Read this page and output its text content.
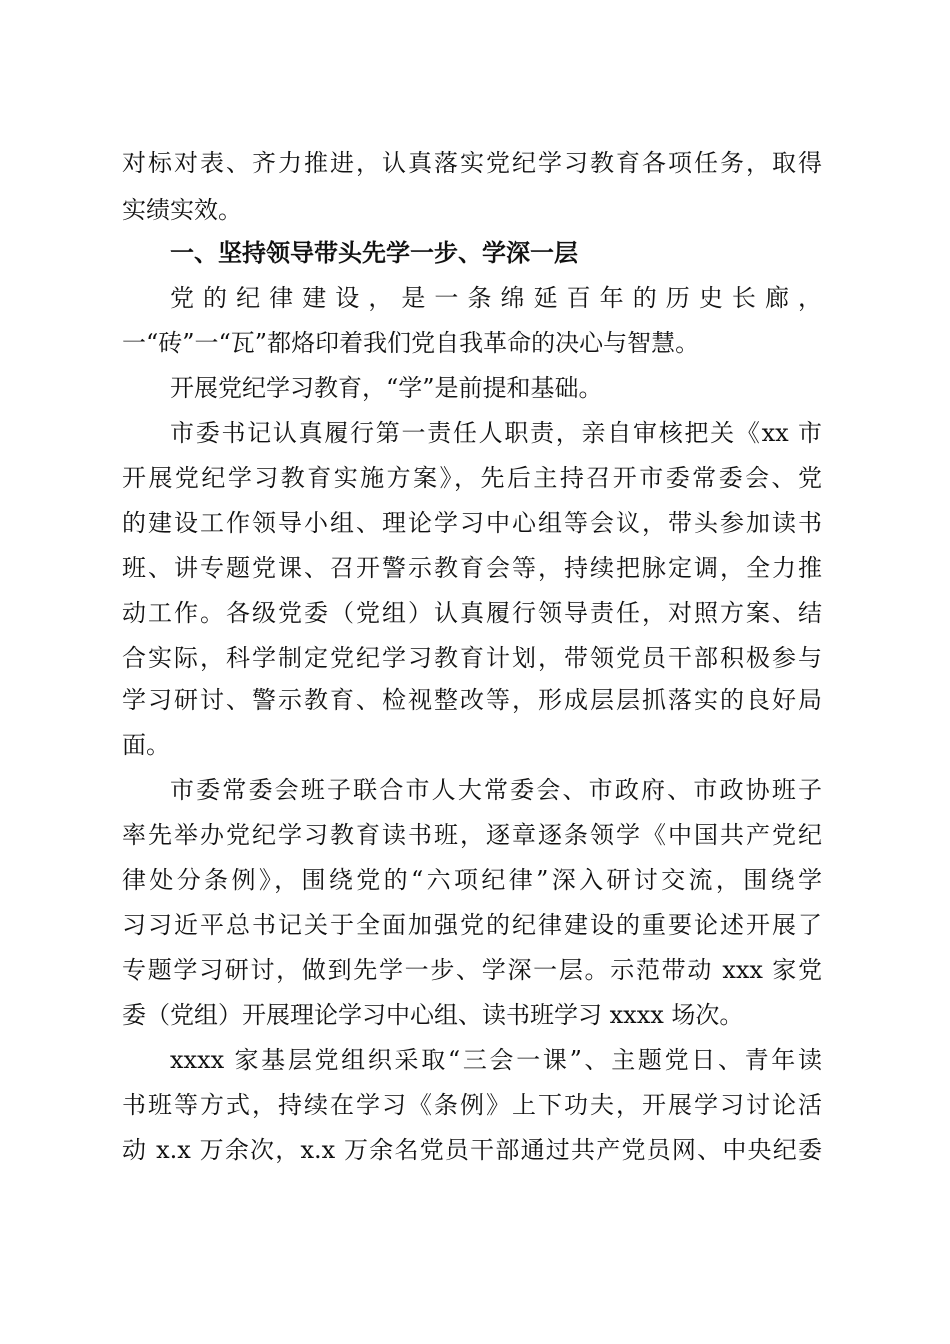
对标对表、齐力推进，认真落实党纪学习教育各项任务，取得
实绩实效。
一、坚持领导带头先学一步、学深一层
党的纪律建设，是一条绵延百年的历史长廊，
一“砖”一“瓦”都烙印着我们党自我革命的决心与智慧。
开展党纪学习教育，“学”是前提和基础。
市委书记认真履行第一责任人职责，亲自审核把关《xx 市
开展党纪学习教育实施方案》，先后主持召开市委常委会、党
的建设工作领导小组、理论学习中心组等会议，带头参加读书
班、讲专题党课、召开警示教育会等，持续把脉定调，全力推
动工作。各级党委（党组）认真履行领导责任，对照方案、结
合实际，科学制定党纪学习教育计划，带领党员干部积极参与
学习研讨、警示教育、检视整改等，形成层层抓落实的良好局
面。
市委常委会班子联合市人大常委会、市政府、市政协班子
率先举办党纪学习教育读书班，逐章逐条领学《中国共产党纪
律处分条例》，围绕党的“六项纪律”深入研讨交流，围绕学
习习近平总书记关于全面加强党的纪律建设的重要论述开展了
专题学习研讨，做到先学一步、学深一层。示范带动 xxx 家党
委（党组）开展理论学习中心组、读书班学习 xxxx 场次。
xxxx 家基层党组织采取“三会一课”、主题党日、青年读
书班等方式，持续在学习《条例》上下功夫，开展学习讨论活
动 x.x 万余次，x.x 万余名党员干部通过共产党员网、中央纪委
